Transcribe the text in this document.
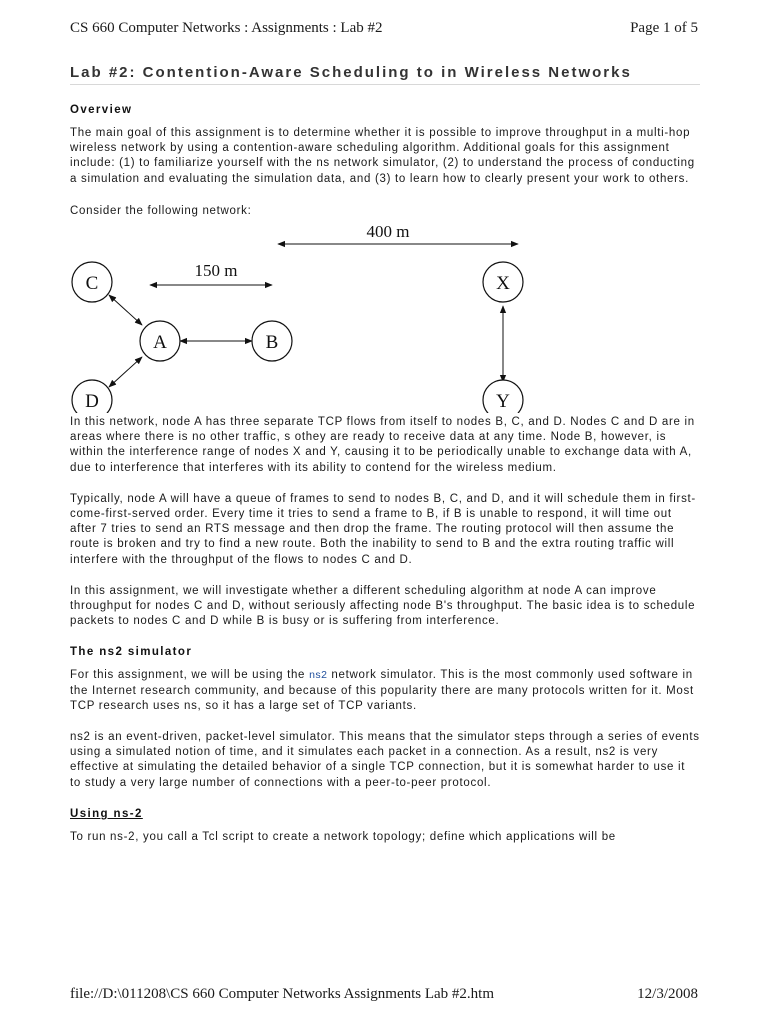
CS 660 Computer Networks : Assignments : Lab #2	Page 1 of 5
Lab #2: Contention-Aware Scheduling to in Wireless Networks
Overview

The main goal of this assignment is to determine whether it is possible to improve throughput in a multi-hop wireless network by using a contention-aware scheduling algorithm. Additional goals for this assignment include: (1) to familiarize yourself with the ns network simulator, (2) to understand the process of conducting a simulation and evaluating the simulation data, and (3) to learn how to clearly present your work to others.

Consider the following network:

400 m
150 m
C
A	B
D
X
Y

In this network, node A has three separate TCP flows from itself to nodes B, C, and D. Nodes C and D are in areas where there is no other traffic, s othey are ready to receive data at any time. Node B, however, is within the interference range of nodes X and Y, causing it to be periodically unable to exchange data with A, due to interference that interferes with its ability to contend for the wireless medium.

Typically, node A will have a queue of frames to send to nodes B, C, and D, and it will schedule them in first-come-first-served order. Every time it tries to send a frame to B, if B is unable to respond, it will time out after 7 tries to send an RTS message and then drop the frame. The routing protocol will then assume the route is broken and try to find a new route. Both the inability to send to B and the extra routing traffic will interfere with the throughput of the flows to nodes C and D.

In this assignment, we will investigate whether a different scheduling algorithm at node A can improve throughput for nodes C and D, without seriously affecting node B's throughput. The basic idea is to schedule packets to nodes C and D while B is busy or is suffering from interference.

The ns2 simulator

For this assignment, we will be using the ns2 network simulator. This is the most commonly used software in the Internet research community, and because of this popularity there are many protocols written for it. Most TCP research uses ns, so it has a large set of TCP variants.

ns2 is an event-driven, packet-level simulator. This means that the simulator steps through a series of events using a simulated notion of time, and it simulates each packet in a connection. As a result, ns2 is very effective at simulating the detailed behavior of a single TCP connection, but it is somewhat harder to use it to study a very large number of connections with a peer-to-peer protocol.

Using ns-2

To run ns-2, you call a Tcl script to create a network topology; define which applications will be

file://D:\011208\CS 660 Computer Networks Assignments Lab #2.htm	12/3/2008
